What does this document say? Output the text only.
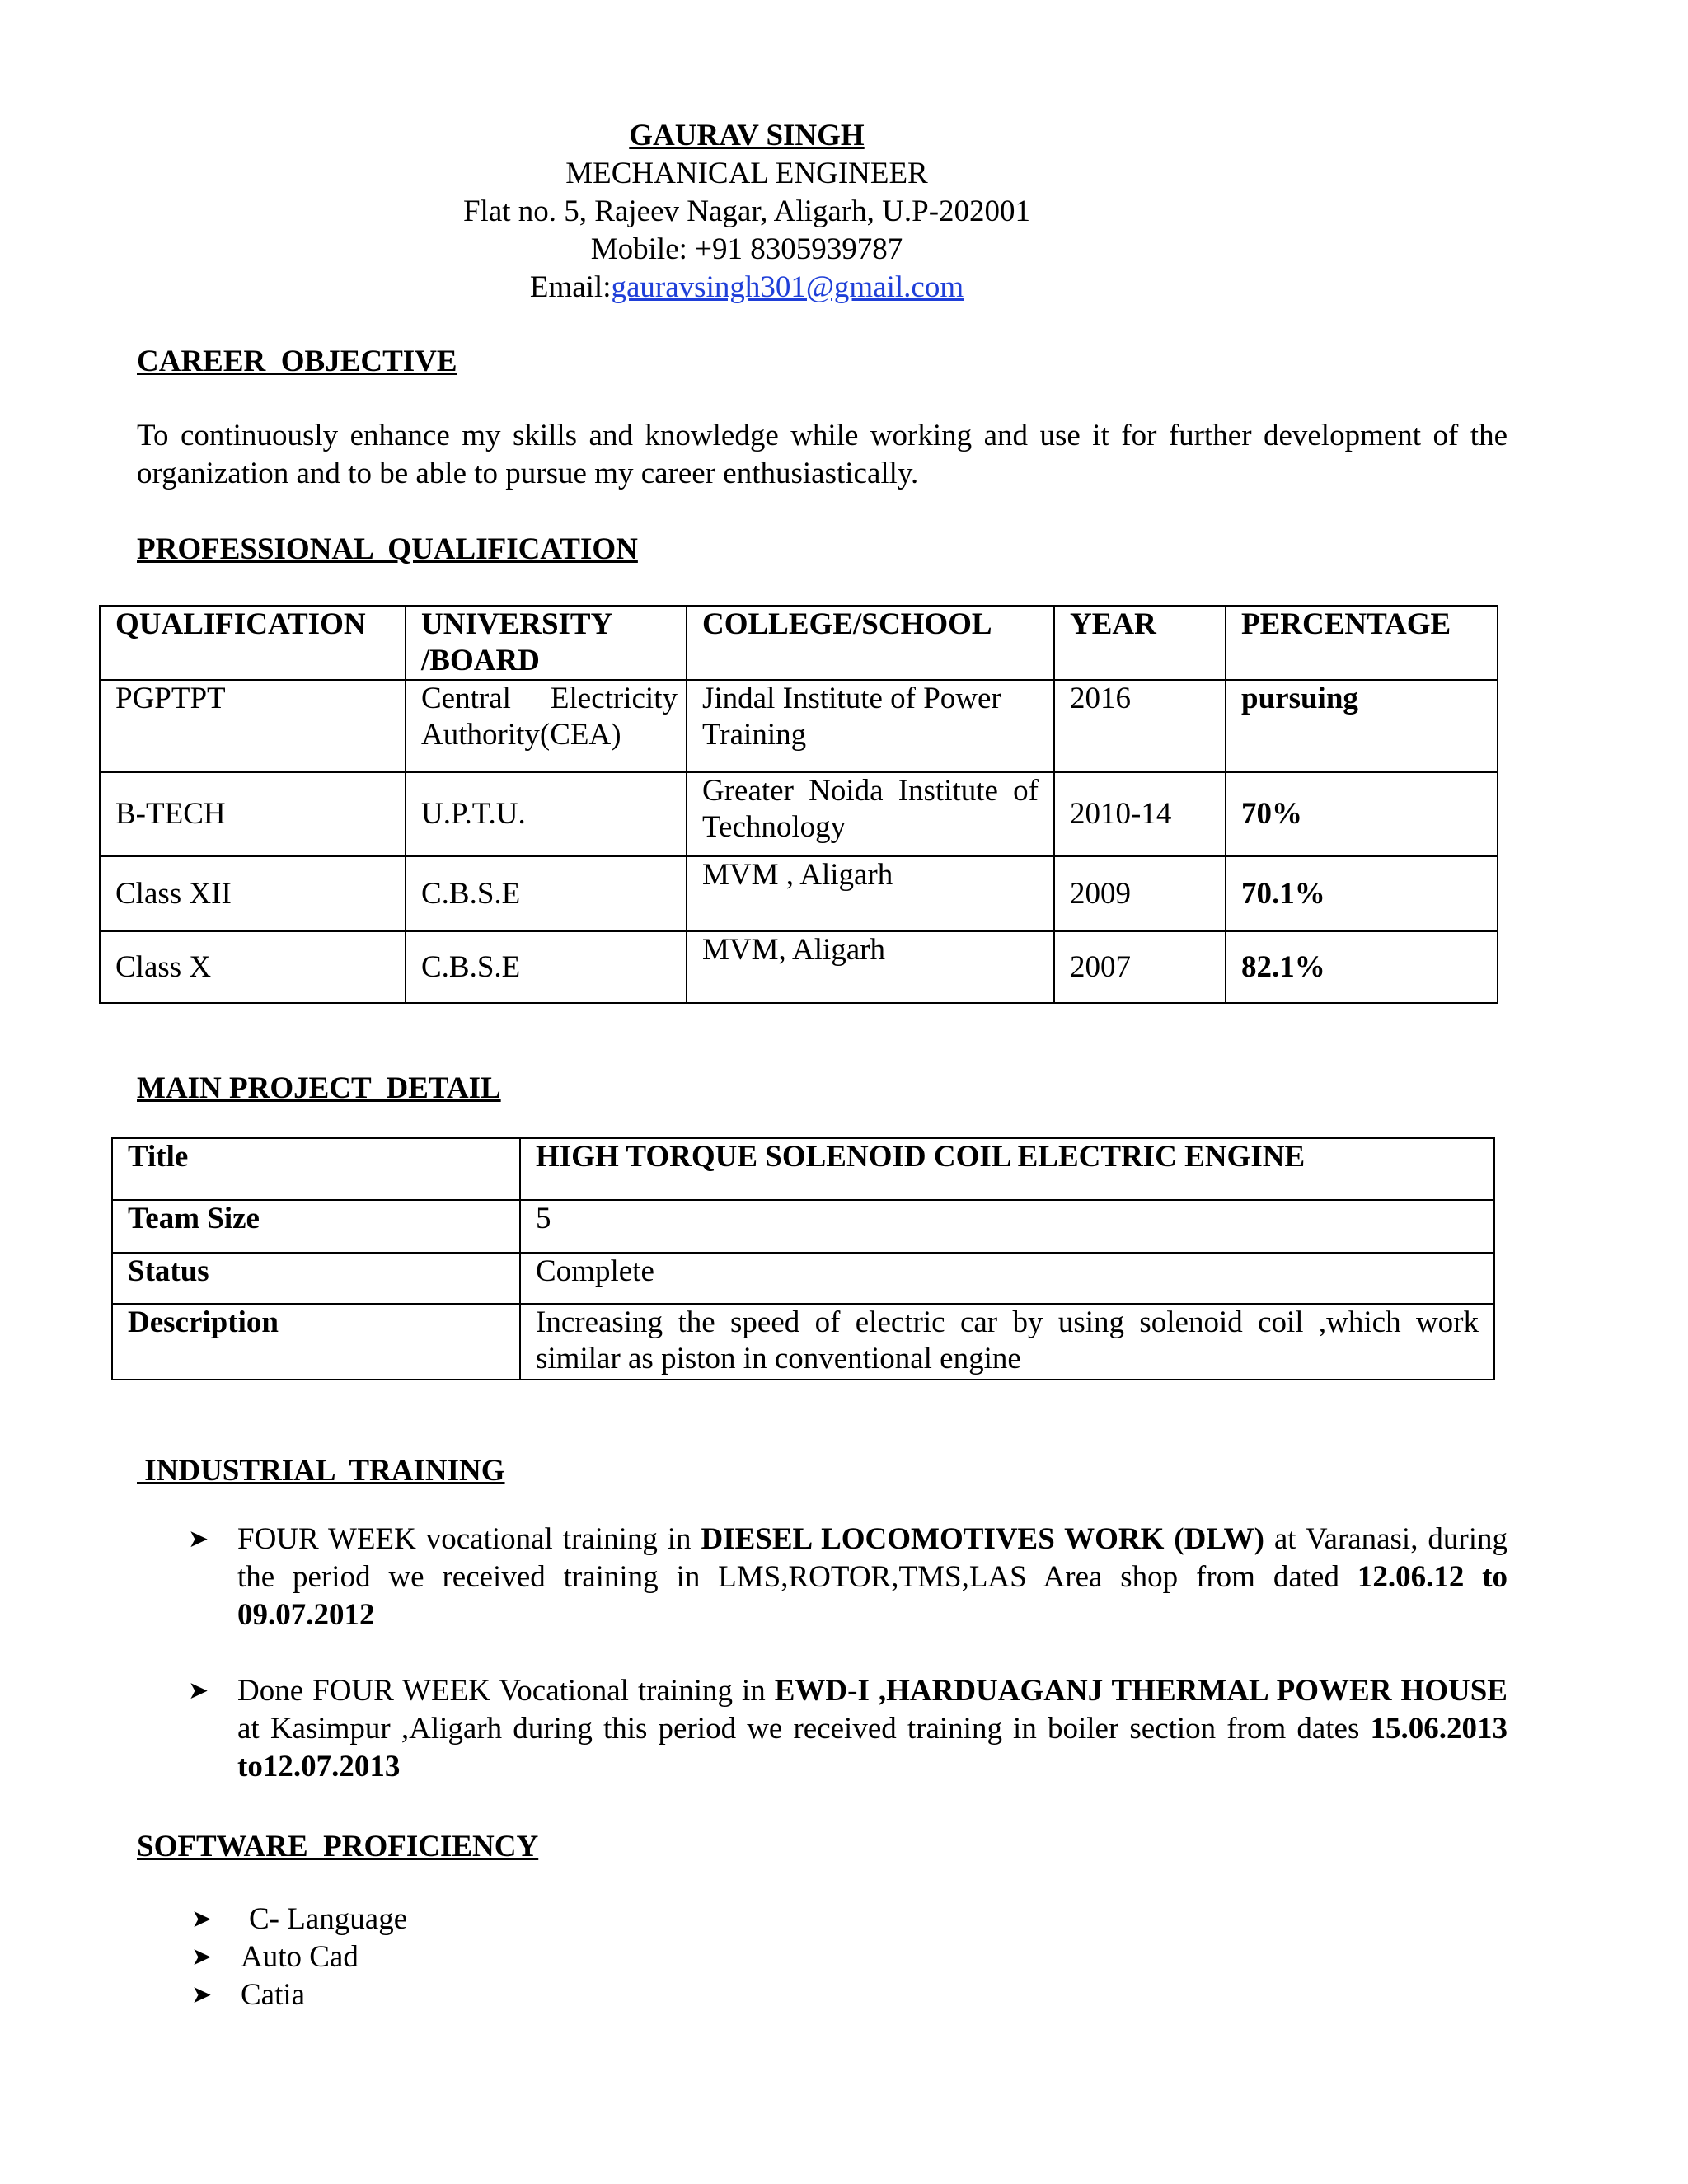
GAURAV SINGH
MECHANICAL ENGINEER
Flat no. 5, Rajeev Nagar, Aligarh, U.P-202001
Mobile: +91 8305939787
Email:gauravsingh301@gmail.com
CAREER  OBJECTIVE

To continuously enhance my skills and knowledge while working and use it for further development of the organization and to be able to pursue my career enthusiastically.

PROFESSIONAL  QUALIFICATION
QUALIFICATION	UNIVERSITY /BOARD	COLLEGE/SCHOOL	YEAR	PERCENTAGE
PGPTPT	Central Electricity Authority(CEA)	Jindal Institute of Power Training	2016	pursuing
B-TECH	U.P.T.U.	Greater Noida Institute of Technology	2010-14	70%
Class XII	C.B.S.E	MVM , Aligarh	2009	70.1%
Class X	C.B.S.E	MVM, Aligarh	2007	82.1%
MAIN PROJECT  DETAIL
Title	HIGH TORQUE SOLENOID COIL ELECTRIC ENGINE
Team Size	5
Status	Complete
Description	Increasing the speed of electric car by using solenoid coil ,which work similar as piston in conventional engine
INDUSTRIAL  TRAINING
➤ FOUR WEEK vocational training in DIESEL LOCOMOTIVES WORK (DLW) at Varanasi, during the period we received training in LMS,ROTOR,TMS,LAS Area shop from dated 12.06.12 to 09.07.2012
➤ Done FOUR WEEK Vocational training in EWD-I ,HARDUAGANJ THERMAL POWER HOUSE at Kasimpur ,Aligarh during this period we received training in boiler section from dates 15.06.2013 to12.07.2013
SOFTWARE  PROFICIENCY
➤ C- Language
➤ Auto Cad
➤ Catia
